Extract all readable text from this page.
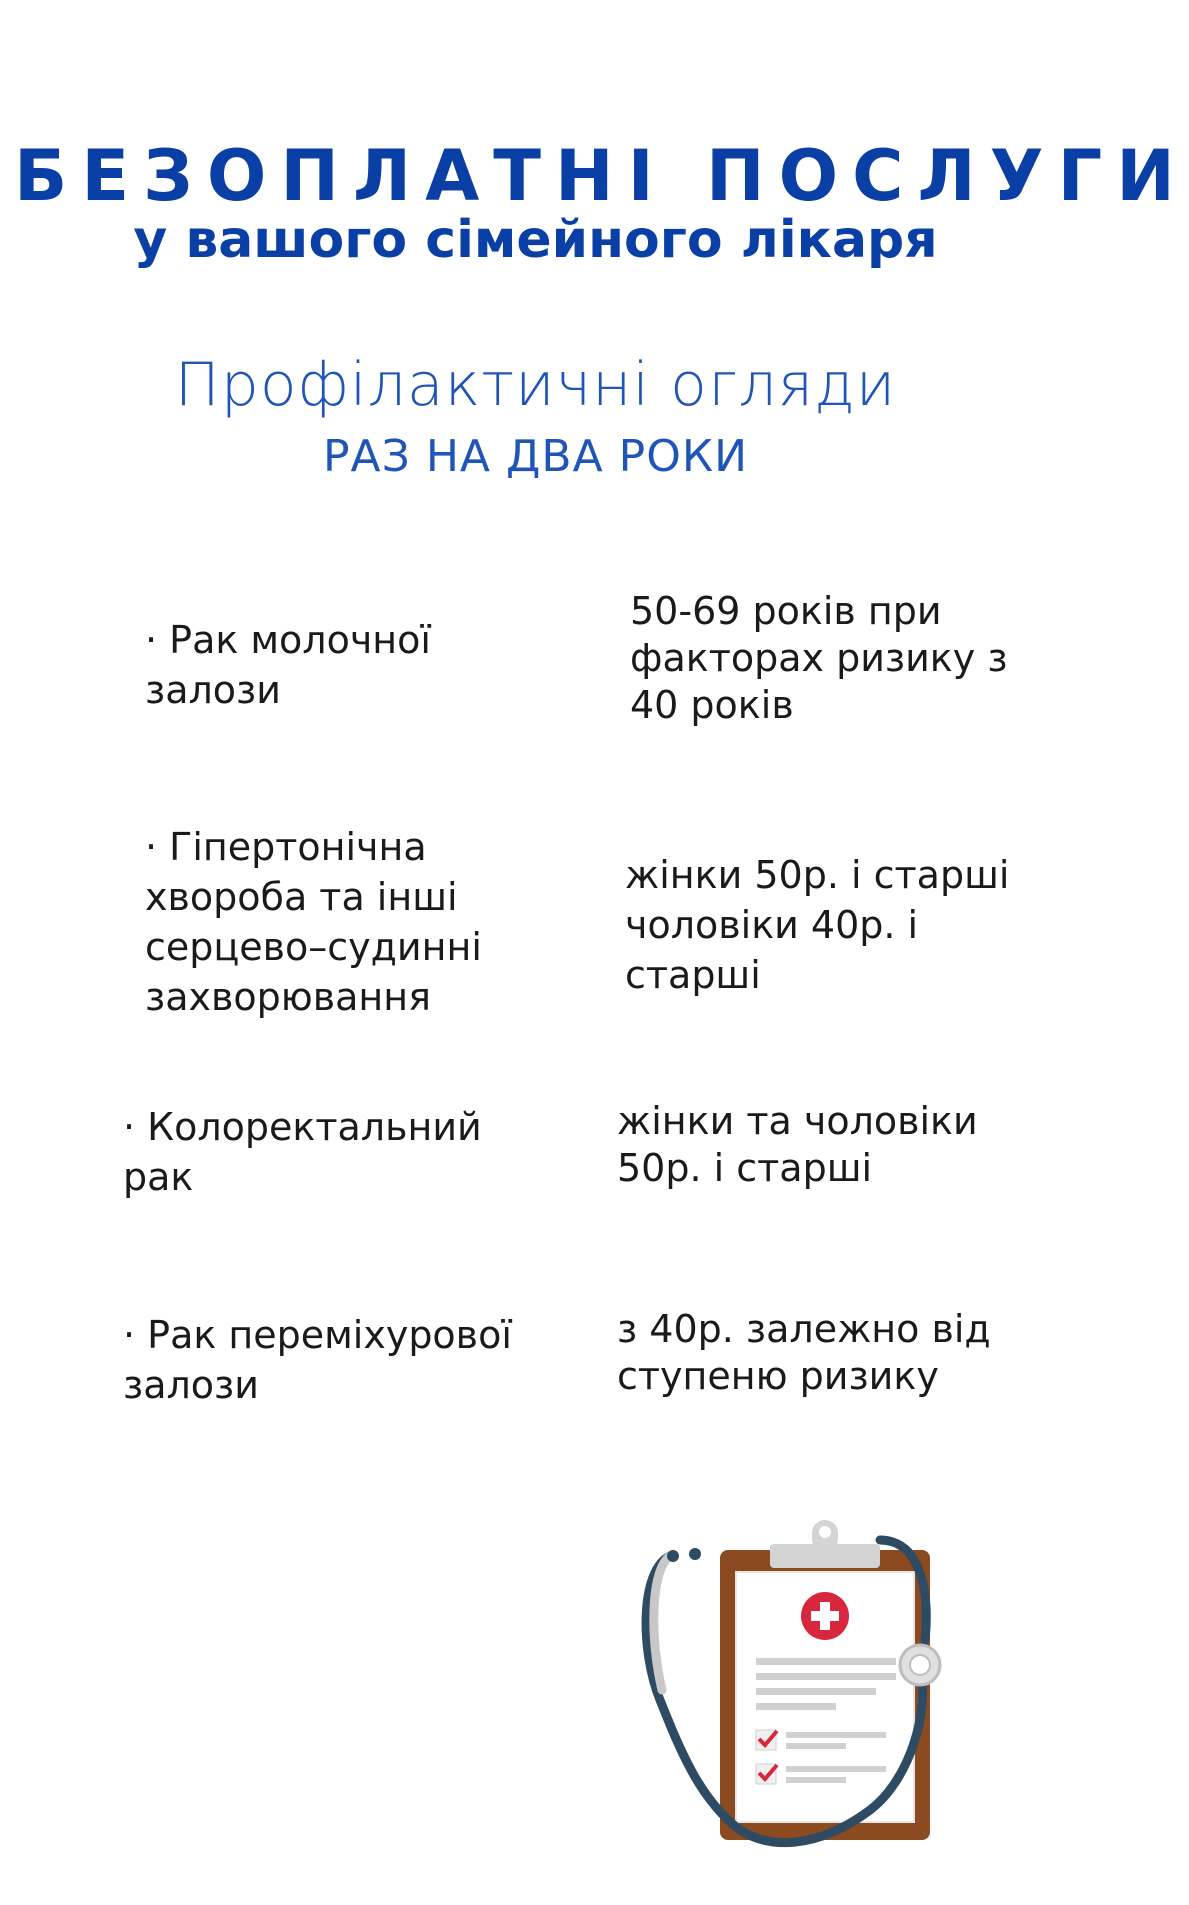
БЕЗОПЛАТНІ ПОСЛУГИ
у вашого сімейного лікаря
Профілактичні огляди
РАЗ НА ДВА РОКИ
· Рак молочної
залози
50-69 років при
факторах ризику з
40 років
· Гіпертонічна
хвороба та інші
серцево–судинні
захворювання
жінки 50р. і старші
чоловіки 40р. і
старші
· Колоректальний
рак
жінки та чоловіки
50р. і старші
· Рак переміхурової
залози
з 40р. залежно від
ступеню ризику
